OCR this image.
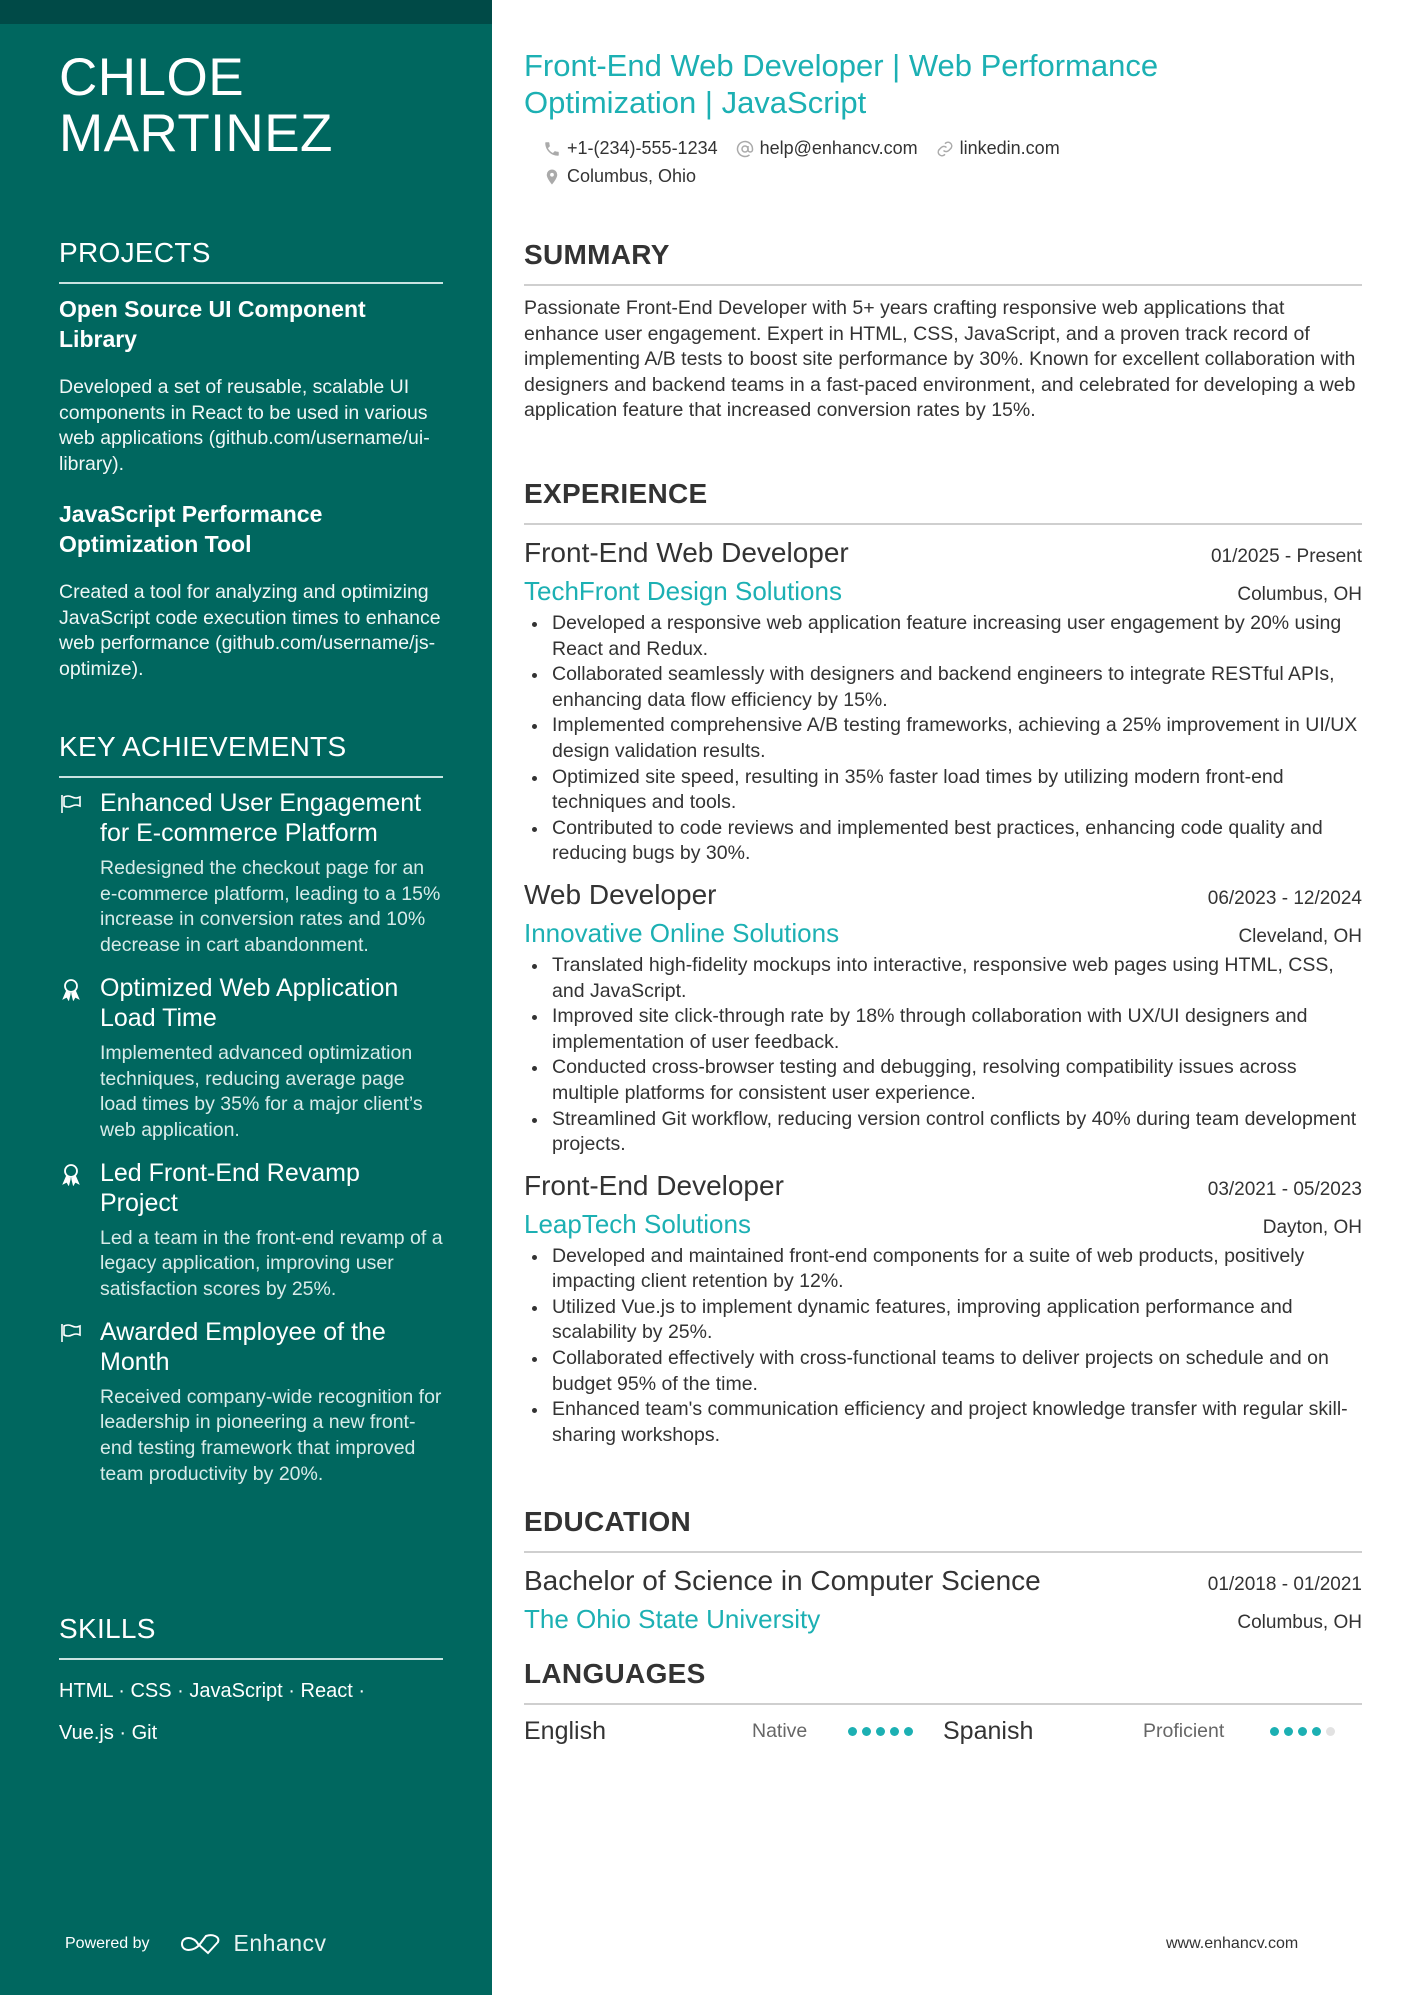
CHLOE
MARTINEZ
PROJECTS
Open Source UI Component Library
Developed a set of reusable, scalable UI components in React to be used in various web applications (github.com/username/ui-library).
JavaScript Performance Optimization Tool
Created a tool for analyzing and optimizing JavaScript code execution times to enhance web performance (github.com/username/js-optimize).
KEY ACHIEVEMENTS
Enhanced User Engagement for E-commerce Platform
Redesigned the checkout page for an e-commerce platform, leading to a 15% increase in conversion rates and 10% decrease in cart abandonment.
Optimized Web Application Load Time
Implemented advanced optimization techniques, reducing average page load times by 35% for a major client’s web application.
Led Front-End Revamp Project
Led a team in the front-end revamp of a legacy application, improving user satisfaction scores by 25%.
Awarded Employee of the Month
Received company-wide recognition for leadership in pioneering a new front-end testing framework that improved team productivity by 20%.
SKILLS
HTML · CSS · JavaScript · React ·
Vue.js · Git
Powered by	Enhancv
Front-End Web Developer | Web Performance Optimization | JavaScript
+1-(234)-555-1234 help@enhancv.com linkedin.com
Columbus, Ohio
SUMMARY

Passionate Front-End Developer with 5+ years crafting responsive web applications that enhance user engagement. Expert in HTML, CSS, JavaScript, and a proven track record of implementing A/B tests to boost site performance by 30%. Known for excellent collaboration with designers and backend teams in a fast-paced environment, and celebrated for developing a web application feature that increased conversion rates by 15%.

EXPERIENCE
Front-End Web Developer	01/2025 - Present
TechFront Design Solutions	Columbus, OH
Developed a responsive web application feature increasing user engagement by 20% using React and Redux.
Collaborated seamlessly with designers and backend engineers to integrate RESTful APIs, enhancing data flow efficiency by 15%.
Implemented comprehensive A/B testing frameworks, achieving a 25% improvement in UI/UX design validation results.
Optimized site speed, resulting in 35% faster load times by utilizing modern front-end techniques and tools.
Contributed to code reviews and implemented best practices, enhancing code quality and reducing bugs by 30%.
Web Developer	06/2023 - 12/2024
Innovative Online Solutions	Cleveland, OH
Translated high-fidelity mockups into interactive, responsive web pages using HTML, CSS, and JavaScript.
Improved site click-through rate by 18% through collaboration with UX/UI designers and implementation of user feedback.
Conducted cross-browser testing and debugging, resolving compatibility issues across multiple platforms for consistent user experience.
Streamlined Git workflow, reducing version control conflicts by 40% during team development projects.
Front-End Developer	03/2021 - 05/2023
LeapTech Solutions	Dayton, OH
Developed and maintained front-end components for a suite of web products, positively impacting client retention by 12%.
Utilized Vue.js to implement dynamic features, improving application performance and scalability by 25%.
Collaborated effectively with cross-functional teams to deliver projects on schedule and on budget 95% of the time.
Enhanced team's communication efficiency and project knowledge transfer with regular skill-sharing workshops.
EDUCATION
Bachelor of Science in Computer Science	01/2018 - 01/2021
The Ohio State University	Columbus, OH
LANGUAGES
English	Native	Spanish	Proficient
www.enhancv.com
